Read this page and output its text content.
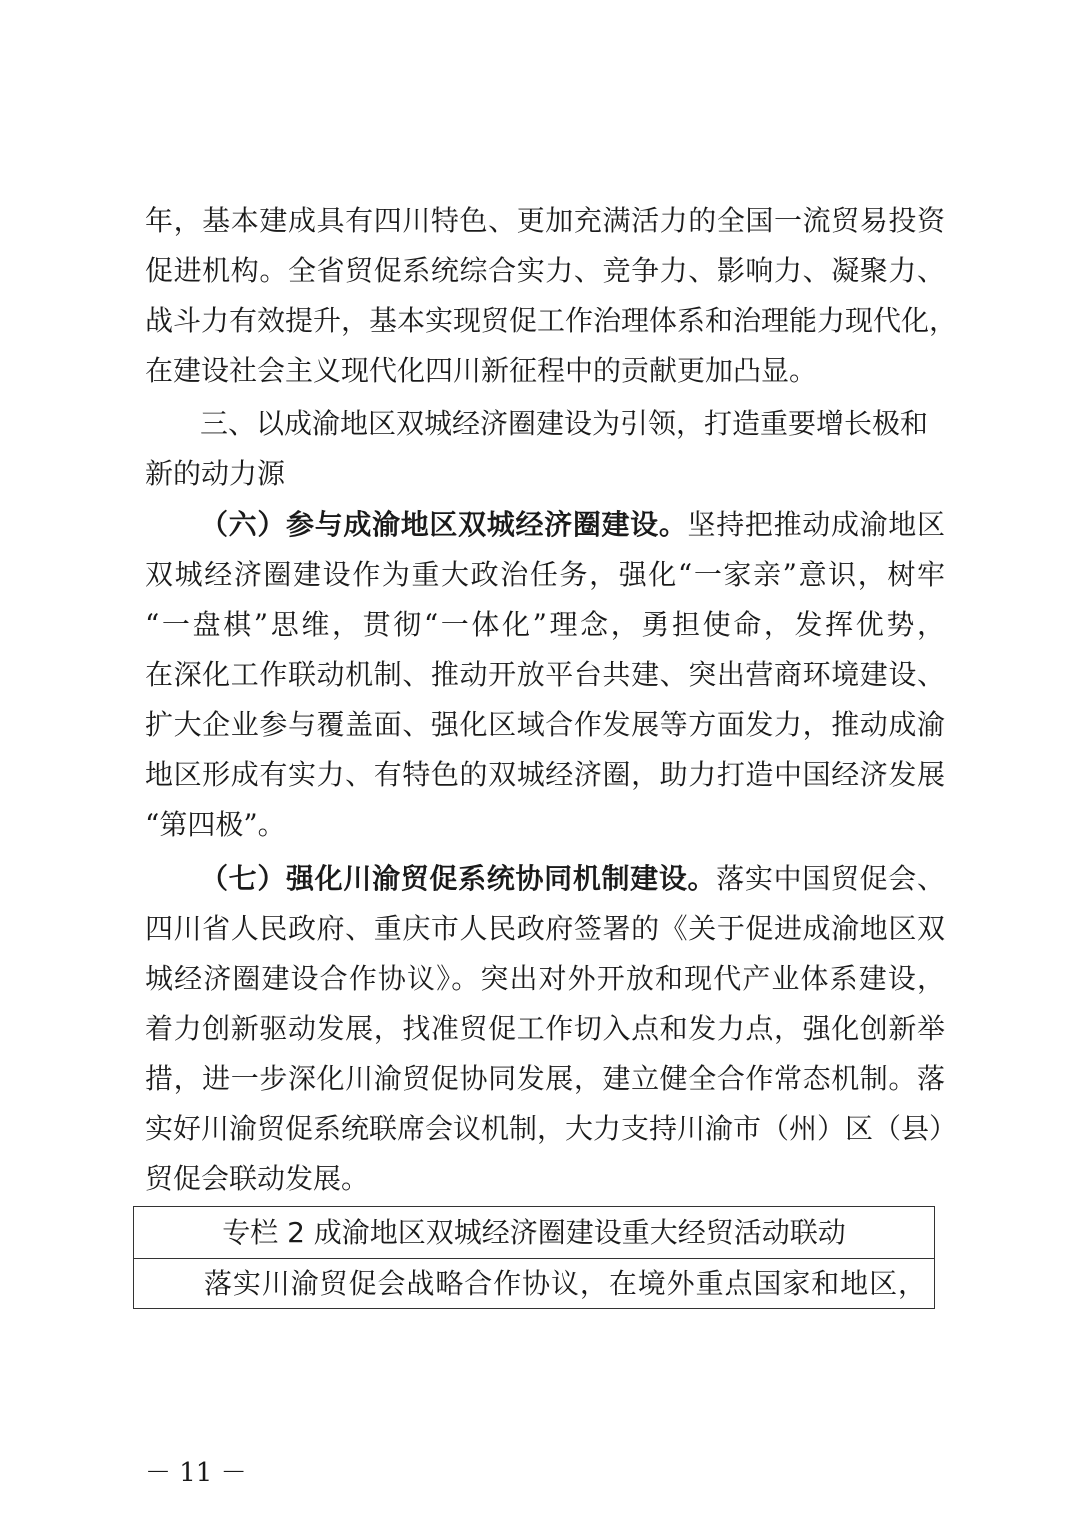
年，基本建成具有四川特色、更加充满活力的全国一流贸易投资
促进机构。全省贸促系统综合实力、竞争力、影响力、凝聚力、
战斗力有效提升，基本实现贸促工作治理体系和治理能力现代化，
在建设社会主义现代化四川新征程中的贡献更加凸显。
三、以成渝地区双城经济圈建设为引领，打造重要增长极和
新的动力源
（六）参与成渝地区双城经济圈建设。坚持把推动成渝地区
双城经济圈建设作为重大政治任务，强化“一家亲”意识，树牢
“一盘棋”思维，贯彻“一体化”理念，勇担使命，发挥优势，
在深化工作联动机制、推动开放平台共建、突出营商环境建设、
扩大企业参与覆盖面、强化区域合作发展等方面发力，推动成渝
地区形成有实力、有特色的双城经济圈，助力打造中国经济发展
“第四极”。
（七）强化川渝贸促系统协同机制建设。落实中国贸促会、
四川省人民政府、重庆市人民政府签署的《关于促进成渝地区双
城经济圈建设合作协议》。突出对外开放和现代产业体系建设，
着力创新驱动发展，找准贸促工作切入点和发力点，强化创新举
措，进一步深化川渝贸促协同发展，建立健全合作常态机制。落
实好川渝贸促系统联席会议机制，大力支持川渝市（州）区（县）
贸促会联动发展。
专栏 2 成渝地区双城经济圈建设重大经贸活动联动
落实川渝贸促会战略合作协议，在境外重点国家和地区，
－ 11 －
